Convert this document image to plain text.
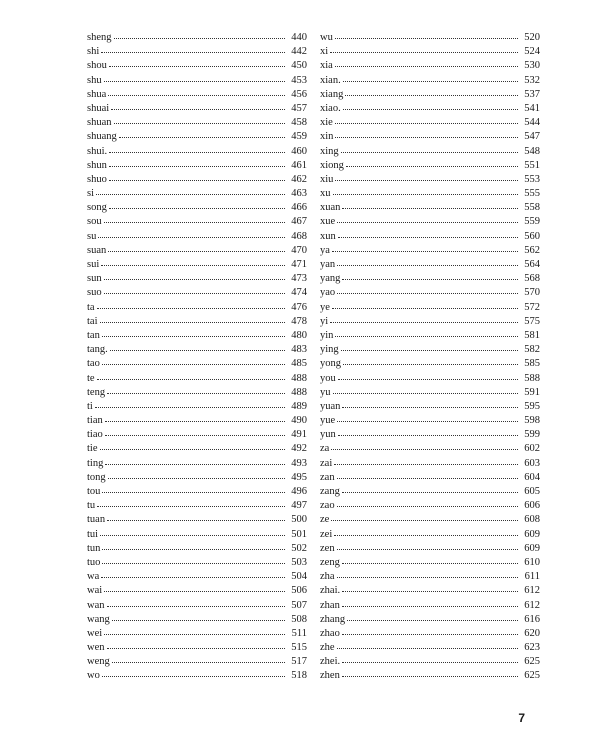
sheng	440
shi	442
shou	450
shu	453
shua	456
shuai	457
shuan	458
shuang	459
shui.	460
shun	461
shuo	462
si	463
song	466
sou	467
su	468
suan	470
sui	471
sun	473
suo	474
ta	476
tai	478
tan	480
tang.	483
tao	485
te	488
teng	488
ti	489
tian	490
tiao	491
tie	492
ting	493
tong	495
tou	496
tu	497
tuan	500
tui	501
tun	502
tuo	503
wa	504
wai	506
wan	507
wang	508
wei	511
wen	515
weng	517
wo	518
wu	520
xi	524
xia	530
xian.	532
xiang	537
xiao.	541
xie	544
xin	547
xing	548
xiong	551
xiu	553
xu	555
xuan	558
xue	559
xun	560
ya	562
yan	564
yang	568
yao	570
ye	572
yi	575
yin	581
ying	582
yong	585
you	588
yu	591
yuan	595
yue	598
yun	599
za	602
zai	603
zan	604
zang	605
zao	606
ze	608
zei	609
zen	609
zeng	610
zha	611
zhai.	612
zhan	612
zhang	616
zhao	620
zhe	623
zhei.	625
zhen	625
7
